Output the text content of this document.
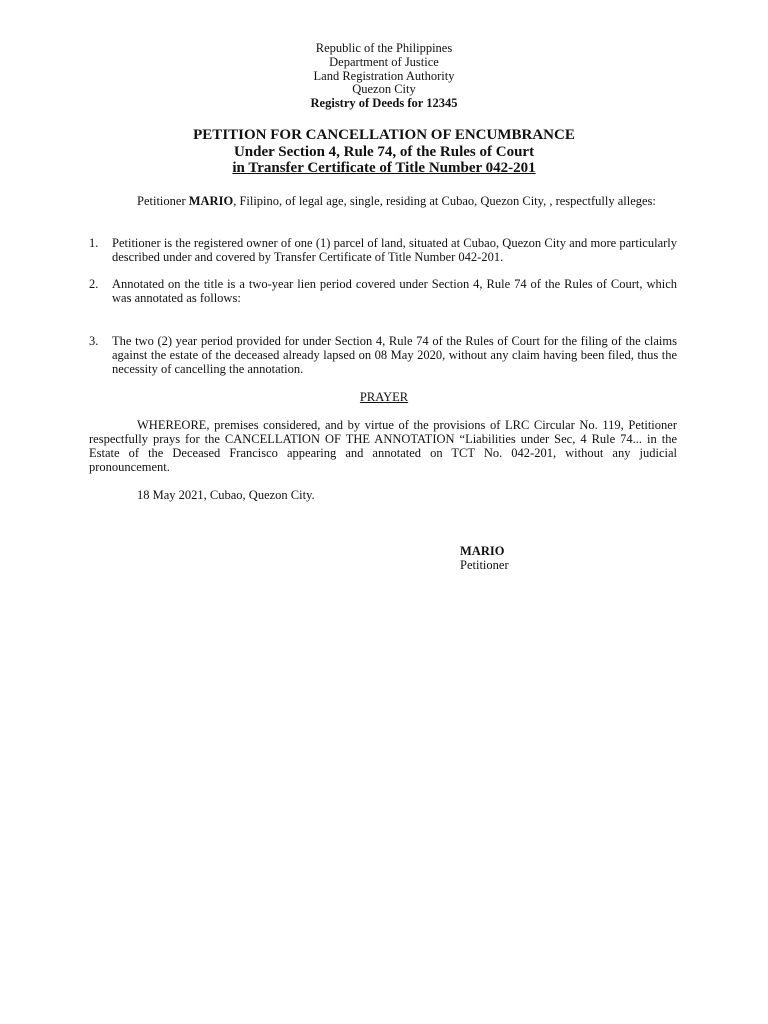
Republic of the Philippines
Department of Justice
Land Registration Authority
Quezon City
Registry of Deeds for 12345
PETITION FOR CANCELLATION OF ENCUMBRANCE
Under Section 4, Rule 74, of the Rules of Court
in Transfer Certificate of Title Number 042-201
Petitioner MARIO, Filipino, of legal age, single, residing at Cubao, Quezon City, , respectfully alleges:
1. Petitioner is the registered owner of one (1) parcel of land, situated at Cubao, Quezon City and more particularly described under and covered by Transfer Certificate of Title Number 042-201.
2. Annotated on the title is a two-year lien period covered under Section 4, Rule 74 of the Rules of Court, which was annotated as follows:
3. The two (2) year period provided for under Section 4, Rule 74 of the Rules of Court for the filing of the claims against the estate of the deceased already lapsed on 08 May 2020, without any claim having been filed, thus the necessity of cancelling the annotation.
PRAYER
WHEREORE, premises considered, and by virtue of the provisions of LRC Circular No. 119, Petitioner respectfully prays for the CANCELLATION OF THE ANNOTATION “Liabilities under Sec, 4 Rule 74... in the Estate of the Deceased Francisco appearing and annotated on TCT No. 042-201, without any judicial pronouncement.
18 May 2021, Cubao, Quezon City.
MARIO
Petitioner
